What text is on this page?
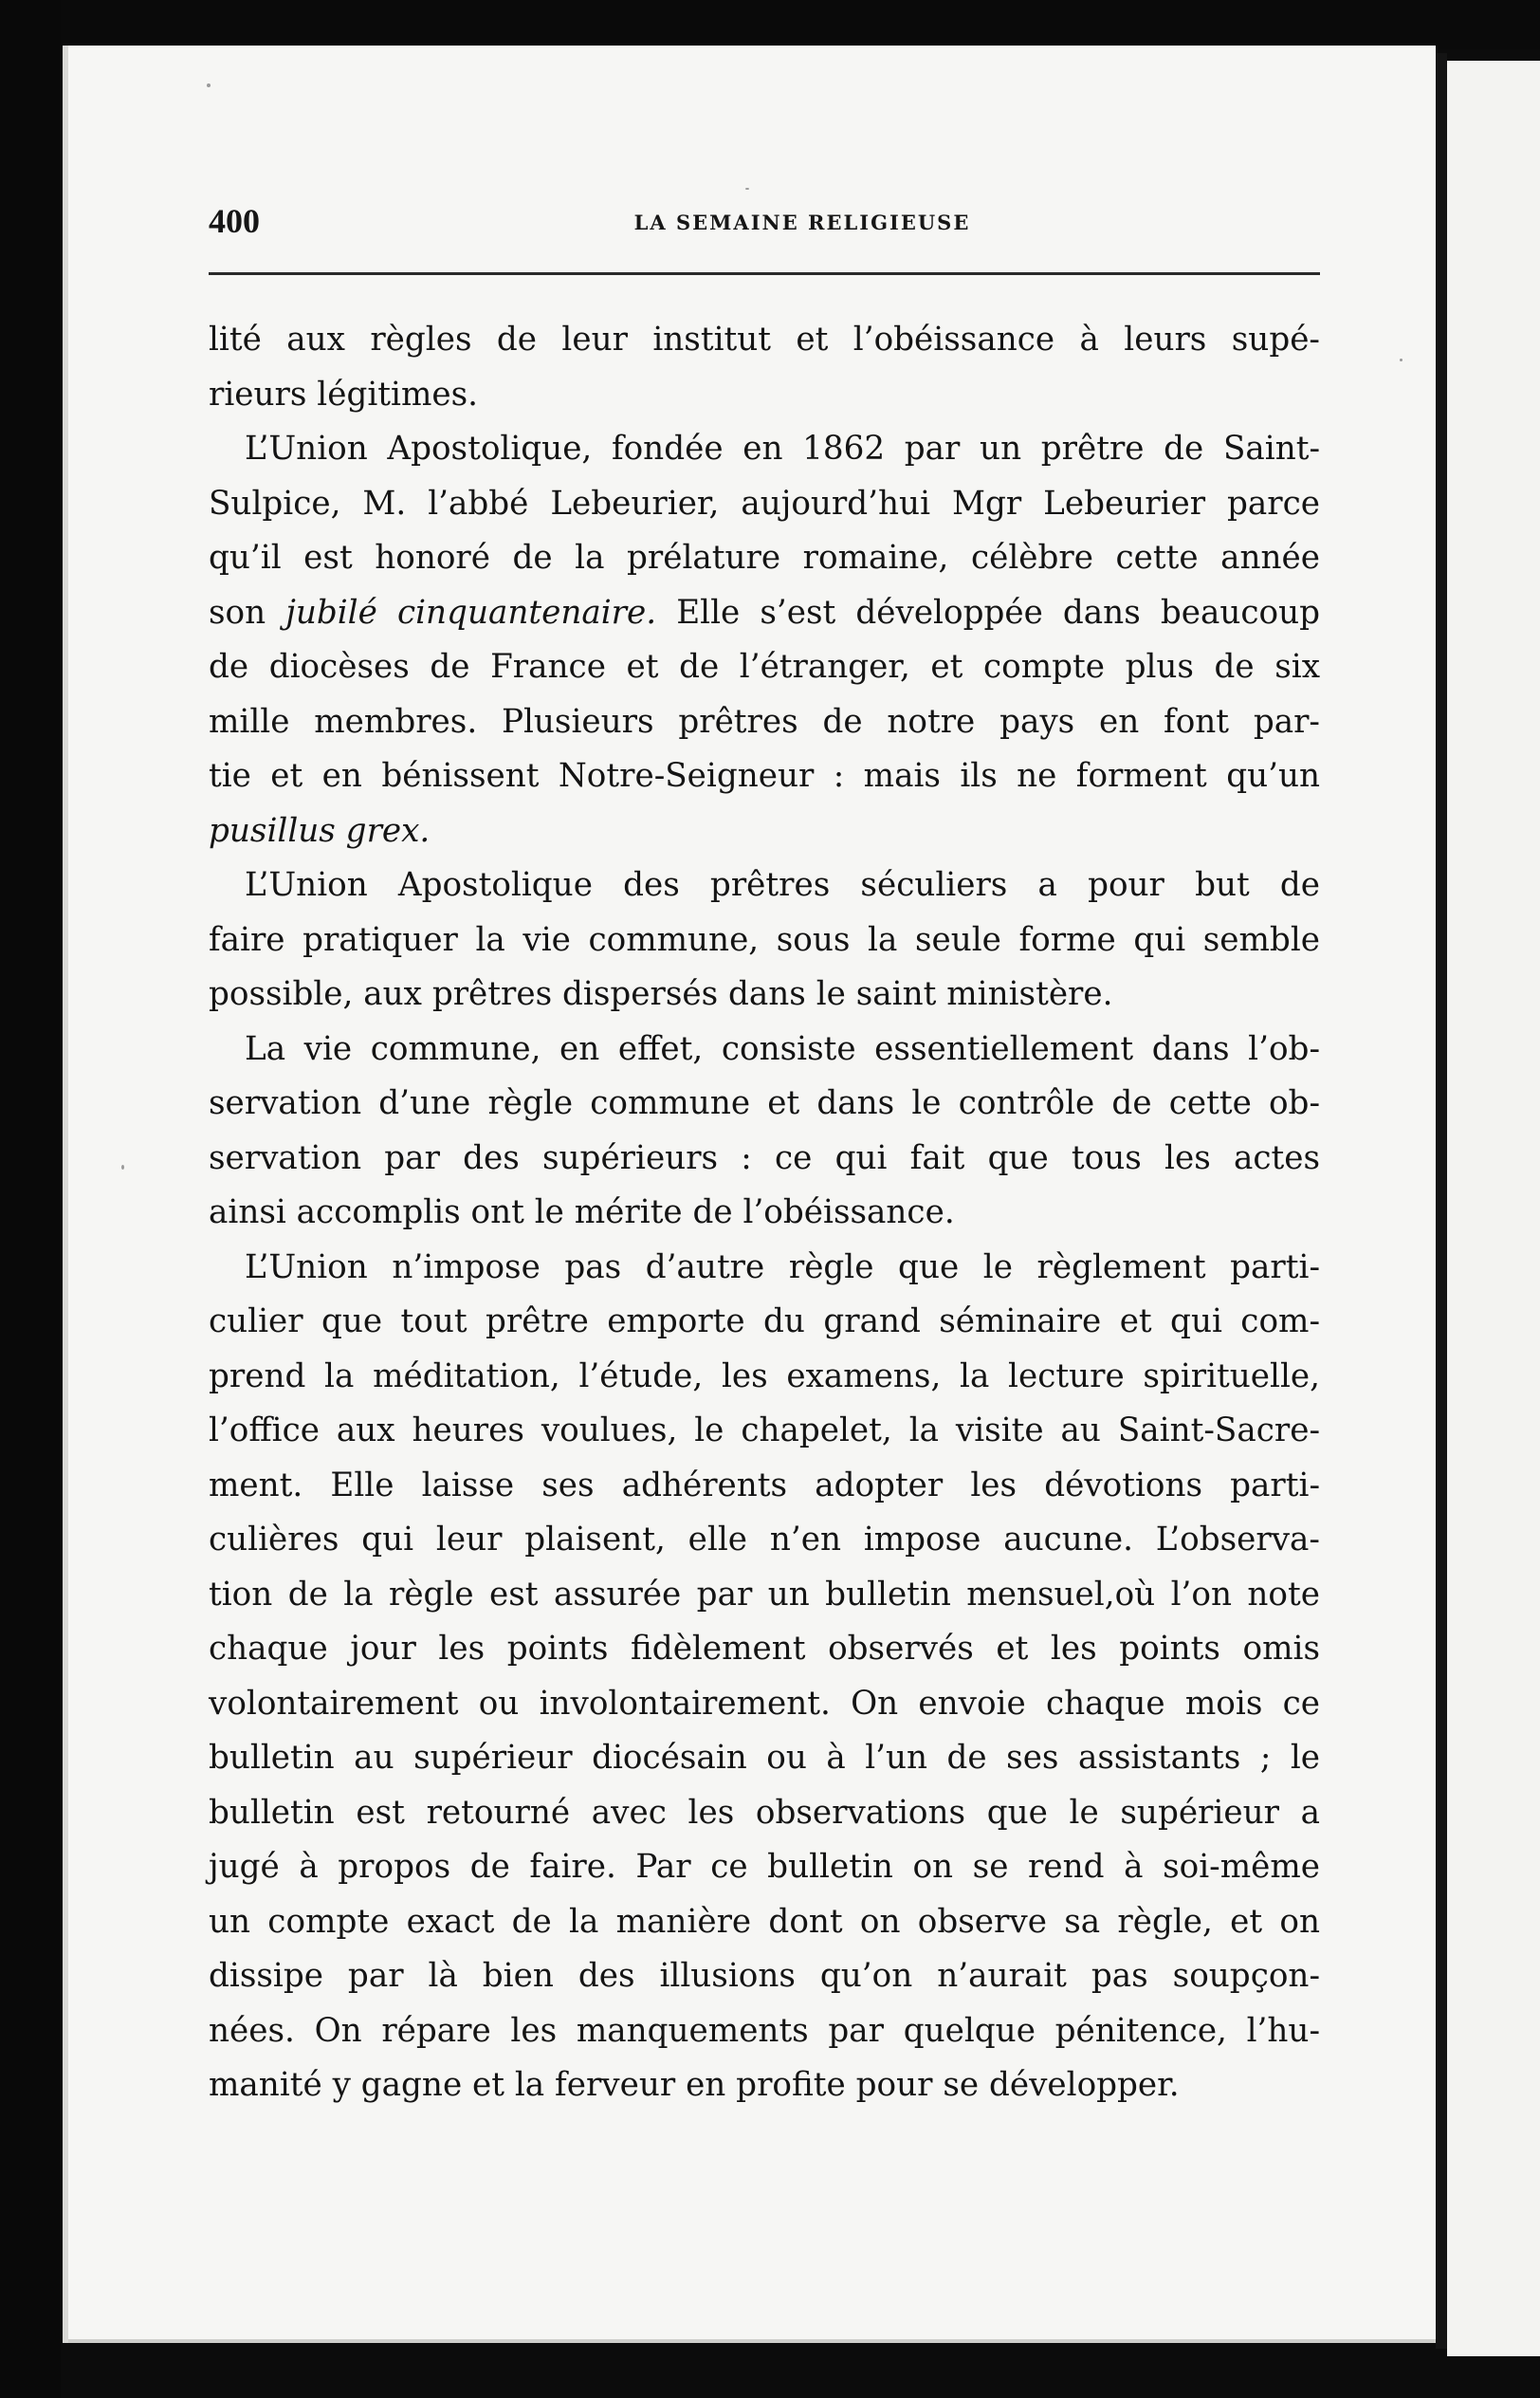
400	LA SEMAINE RELIGIEUSE
lité aux règles de leur institut et l’obéissance à leurs supé-
rieurs légitimes.
L’Union Apostolique, fondée en 1862 par un prêtre de Saint-
Sulpice, M. l’abbé Lebeurier, aujourd’hui Mgr Lebeurier parce
qu’il est honoré de la prélature romaine, célèbre cette année
son jubilé cinquantenaire. Elle s’est développée dans beaucoup
de diocèses de France et de l’étranger, et compte plus de six
mille membres. Plusieurs prêtres de notre pays en font par-
tie et en bénissent Notre-Seigneur : mais ils ne forment qu’un
pusillus grex.
L’Union Apostolique des prêtres séculiers a pour but de
faire pratiquer la vie commune, sous la seule forme qui semble
possible, aux prêtres dispersés dans le saint ministère.
La vie commune, en effet, consiste essentiellement dans l’ob-
servation d’une règle commune et dans le contrôle de cette ob-
servation par des supérieurs : ce qui fait que tous les actes
ainsi accomplis ont le mérite de l’obéissance.
L’Union n’impose pas d’autre règle que le règlement parti-
culier que tout prêtre emporte du grand séminaire et qui com-
prend la méditation, l’étude, les examens, la lecture spirituelle,
l’office aux heures voulues, le chapelet, la visite au Saint-Sacre-
ment. Elle laisse ses adhérents adopter les dévotions parti-
culières qui leur plaisent, elle n’en impose aucune. L’observa-
tion de la règle est assurée par un bulletin mensuel,où l’on note
chaque jour les points fidèlement observés et les points omis
volontairement ou involontairement. On envoie chaque mois ce
bulletin au supérieur diocésain ou à l’un de ses assistants ; le
bulletin est retourné avec les observations que le supérieur a
jugé à propos de faire. Par ce bulletin on se rend à soi-même
un compte exact de la manière dont on observe sa règle, et on
dissipe par là bien des illusions qu’on n’aurait pas soupçon-
nées. On répare les manquements par quelque pénitence, l’hu-
manité y gagne et la ferveur en profite pour se développer.
